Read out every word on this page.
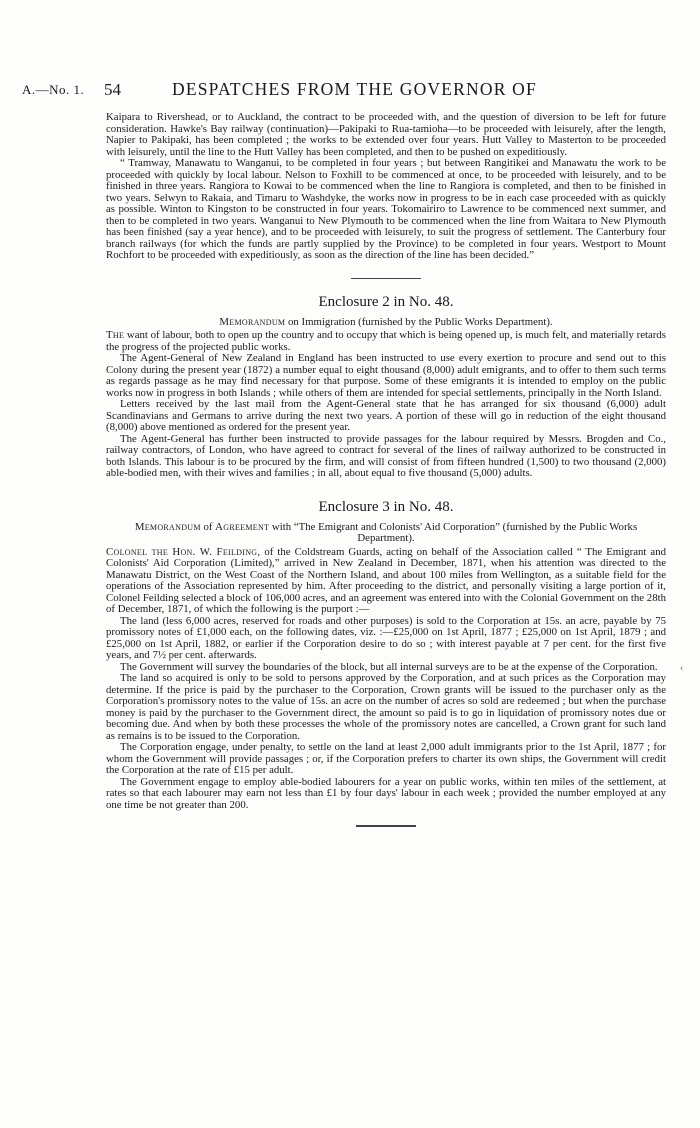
A.—No. 1. 54	DESPATCHES FROM THE GOVERNOR OF

Kaipara to Rivershead, or to Auckland, the contract to be proceeded with, and the question of diversion to be left for future consideration. Hawke's Bay railway (continuation)—Pakipaki to Rua-tamioha—to be proceeded with leisurely, after the length, Napier to Pakipaki, has been completed ; the works to be extended over four years. Hutt Valley to Masterton to be proceeded with leisurely, until the line to the Hutt Valley has been completed, and then to be pushed on expeditiously.

“ Tramway, Manawatu to Wanganui, to be completed in four years ; but between Rangitikei and Manawatu the work to be proceeded with quickly by local labour. Nelson to Foxhill to be commenced at once, to be proceeded with leisurely, and to be finished in three years. Rangiora to Kowai to be commenced when the line to Rangiora is completed, and then to be finished in two years. Selwyn to Rakaia, and Timaru to Washdyke, the works now in progress to be in each case proceeded with as quickly as possible. Winton to Kingston to be constructed in four years. Tokomairiro to Lawrence to be commenced next summer, and then to be completed in two years. Wanganui to New Plymouth to be commenced when the line from Waitara to New Plymouth has been finished (say a year hence), and to be proceeded with leisurely, to suit the progress of settlement. The Canterbury four branch railways (for which the funds are partly supplied by the Province) to be completed in four years. Westport to Mount Rochfort to be proceeded with expeditiously, as soon as the direction of the line has been decided.”

Enclosure 2 in No. 48.
Memorandum on Immigration (furnished by the Public Works Department).

The want of labour, both to open up the country and to occupy that which is being opened up, is much felt, and materially retards the progress of the projected public works.

The Agent-General of New Zealand in England has been instructed to use every exertion to procure and send out to this Colony during the present year (1872) a number equal to eight thousand (8,000) adult emigrants, and to offer to them such terms as regards passage as he may find necessary for that purpose. Some of these emigrants it is intended to employ on the public works now in progress in both Islands ; while others of them are intended for special settlements, principally in the North Island.

Letters received by the last mail from the Agent-General state that he has arranged for six thousand (6,000) adult Scandinavians and Germans to arrive during the next two years. A portion of these will go in reduction of the eight thousand (8,000) above mentioned as ordered for the present year.

The Agent-General has further been instructed to provide passages for the labour required by Messrs. Brogden and Co., railway contractors, of London, who have agreed to contract for several of the lines of railway authorized to be constructed in both Islands. This labour is to be procured by the firm, and will consist of from fifteen hundred (1,500) to two thousand (2,000) able-bodied men, with their wives and families ; in all, about equal to five thousand (5,000) adults.

Enclosure 3 in No. 48.
Memorandum of Agreement with “The Emigrant and Colonists' Aid Corporation” (furnished by the Public Works Department).

Colonel the Hon. W. Feilding, of the Coldstream Guards, acting on behalf of the Association called “ The Emigrant and Colonists' Aid Corporation (Limited),” arrived in New Zealand in December, 1871, when his attention was directed to the Manawatu District, on the West Coast of the Northern Island, and about 100 miles from Wellington, as a suitable field for the operations of the Association represented by him. After proceeding to the district, and personally visiting a large portion of it, Colonel Feilding selected a block of 106,000 acres, and an agreement was entered into with the Colonial Government on the 28th of December, 1871, of which the following is the purport :—

The land (less 6,000 acres, reserved for roads and other purposes) is sold to the Corporation at 15s. an acre, payable by 75 promissory notes of £1,000 each, on the following dates, viz. :—£25,000 on 1st April, 1877 ; £25,000 on 1st April, 1879 ; and £25,000 on 1st April, 1882, or earlier if the Corporation desire to do so ; with interest payable at 7 per cent. for the first five years, and 7½ per cent. afterwards.

The Government will survey the boundaries of the block, but all internal surveys are to be at the expense of the Corporation.

The land so acquired is only to be sold to persons approved by the Corporation, and at such prices as the Corporation may determine. If the price is paid by the purchaser to the Corporation, Crown grants will be issued to the purchaser only as the Corporation's promissory notes to the value of 15s. an acre on the number of acres so sold are redeemed ; but when the purchase money is paid by the purchaser to the Government direct, the amount so paid is to go in liquidation of promissory notes due or becoming due. And when by both these processes the whole of the promissory notes are cancelled, a Crown grant for such land as remains is to be issued to the Corporation.

The Corporation engage, under penalty, to settle on the land at least 2,000 adult immigrants prior to the 1st April, 1877 ; for whom the Government will provide passages ; or, if the Corporation prefers to charter its own ships, the Government will credit the Corporation at the rate of £15 per adult.

The Government engage to employ able-bodied labourers for a year on public works, within ten miles of the settlement, at rates so that each labourer may earn not less than £1 by four days' labour in each week ; provided the number employed at any one time be not greater than 200.

‹
